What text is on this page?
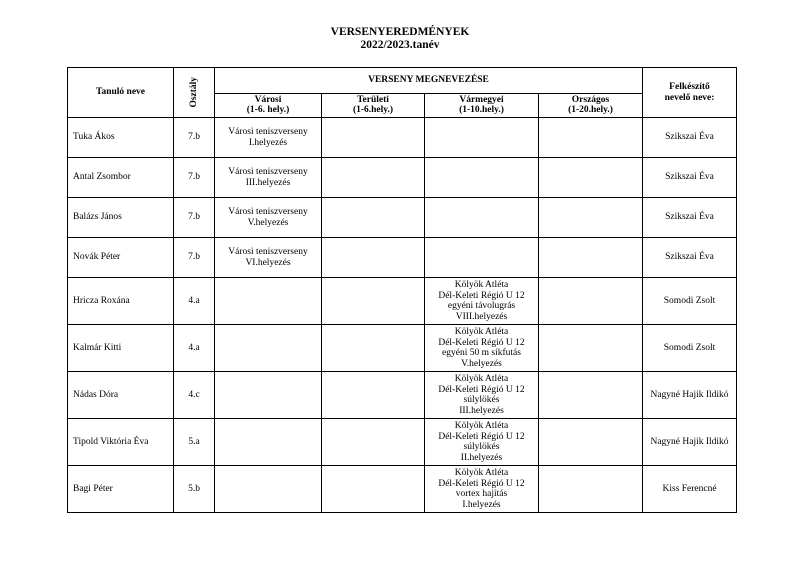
VERSENYEREDMÉNYEK
2022/2023.tanév
Tanuló neve	Osztály	VERSENY MEGNEVEZÉSE				Felkészítő
nevelő neve:

		Városi
(1-6. hely.)	Területi
(1-6.hely.)	Vármegyei
(1-10.hely.)	Országos
(1-20.hely.)	

Tuka Ákos	7.b	Városi teniszverseny
I.helyezés				Szikszai Éva
Antal Zsombor	7.b	Városi teniszverseny
III.helyezés				Szikszai Éva
Balázs János	7.b	Városi teniszverseny
V.helyezés				Szikszai Éva
Novák Péter	7.b	Városi teniszverseny
VI.helyezés				Szikszai Éva
Hricza Roxána	4.a			Kölyök Atléta
Dél-Keleti Régió U 12
egyéni távolugrás
VIII.helyezés		Somodi Zsolt
Kalmár Kitti	4.a			Kölyök Atléta
Dél-Keleti Régió U 12
egyéni 50 m síkfutás
V.helyezés		Somodi Zsolt
Nádas Dóra	4.c			Kölyök Atléta
Dél-Keleti Régió U 12
súlylökés
III.helyezés		Nagyné Hajik Ildikó
Tipold Viktória Éva	5.a			Kölyök Atléta
Dél-Keleti Régió U 12
súlylökés
II.helyezés		Nagyné Hajik Ildikó
Bagi Péter	5.b			Kölyök Atléta
Dél-Keleti Régió U 12
vortex hajítás
I.helyezés		Kiss Ferencné
